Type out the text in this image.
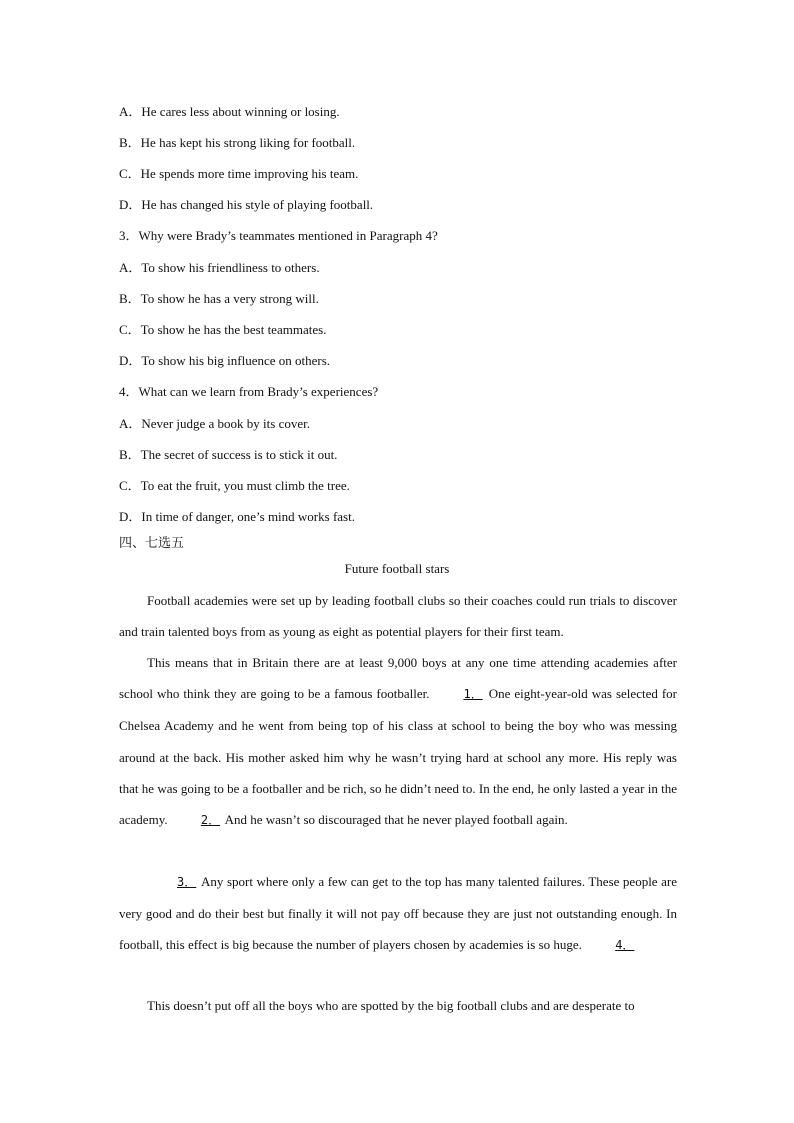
A．He cares less about winning or losing.
B．He has kept his strong liking for football.
C．He spends more time improving his team.
D．He has changed his style of playing football.
3．Why were Brady’s teammates mentioned in Paragraph 4?
A．To show his friendliness to others.
B．To show he has a very strong will.
C．To show he has the best teammates.
D．To show his big influence on others.
4．What can we learn from Brady’s experiences?
A．Never judge a book by its cover.
B．The secret of success is to stick it out.
C．To eat the fruit, you must climb the tree.
D．In time of danger, one’s mind works fast.
四、七选五
Future football stars
Football academies were set up by leading football clubs so their coaches could run trials to discover and train talented boys from as young as eight as potential players for their first team.
This means that in Britain there are at least 9,000 boys at any one time attending academies after school who think they are going to be a famous footballer.	1． One eight-year-old was selected for Chelsea Academy and he went from being top of his class at school to being the boy who was messing around at the back. His mother asked him why he wasn’t trying hard at school any more. His reply was that he was going to be a footballer and be rich, so he didn’t need to. In the end, he only lasted a year in the academy.	2． And he wasn’t so discouraged that he never played football again.
3． Any sport where only a few can get to the top has many talented failures. These people are very good and do their best but finally it will not pay off because they are just not outstanding enough. In football, this effect is big because the number of players chosen by academies is so huge.	4．
This doesn’t put off all the boys who are spotted by the big football clubs and are desperate to
